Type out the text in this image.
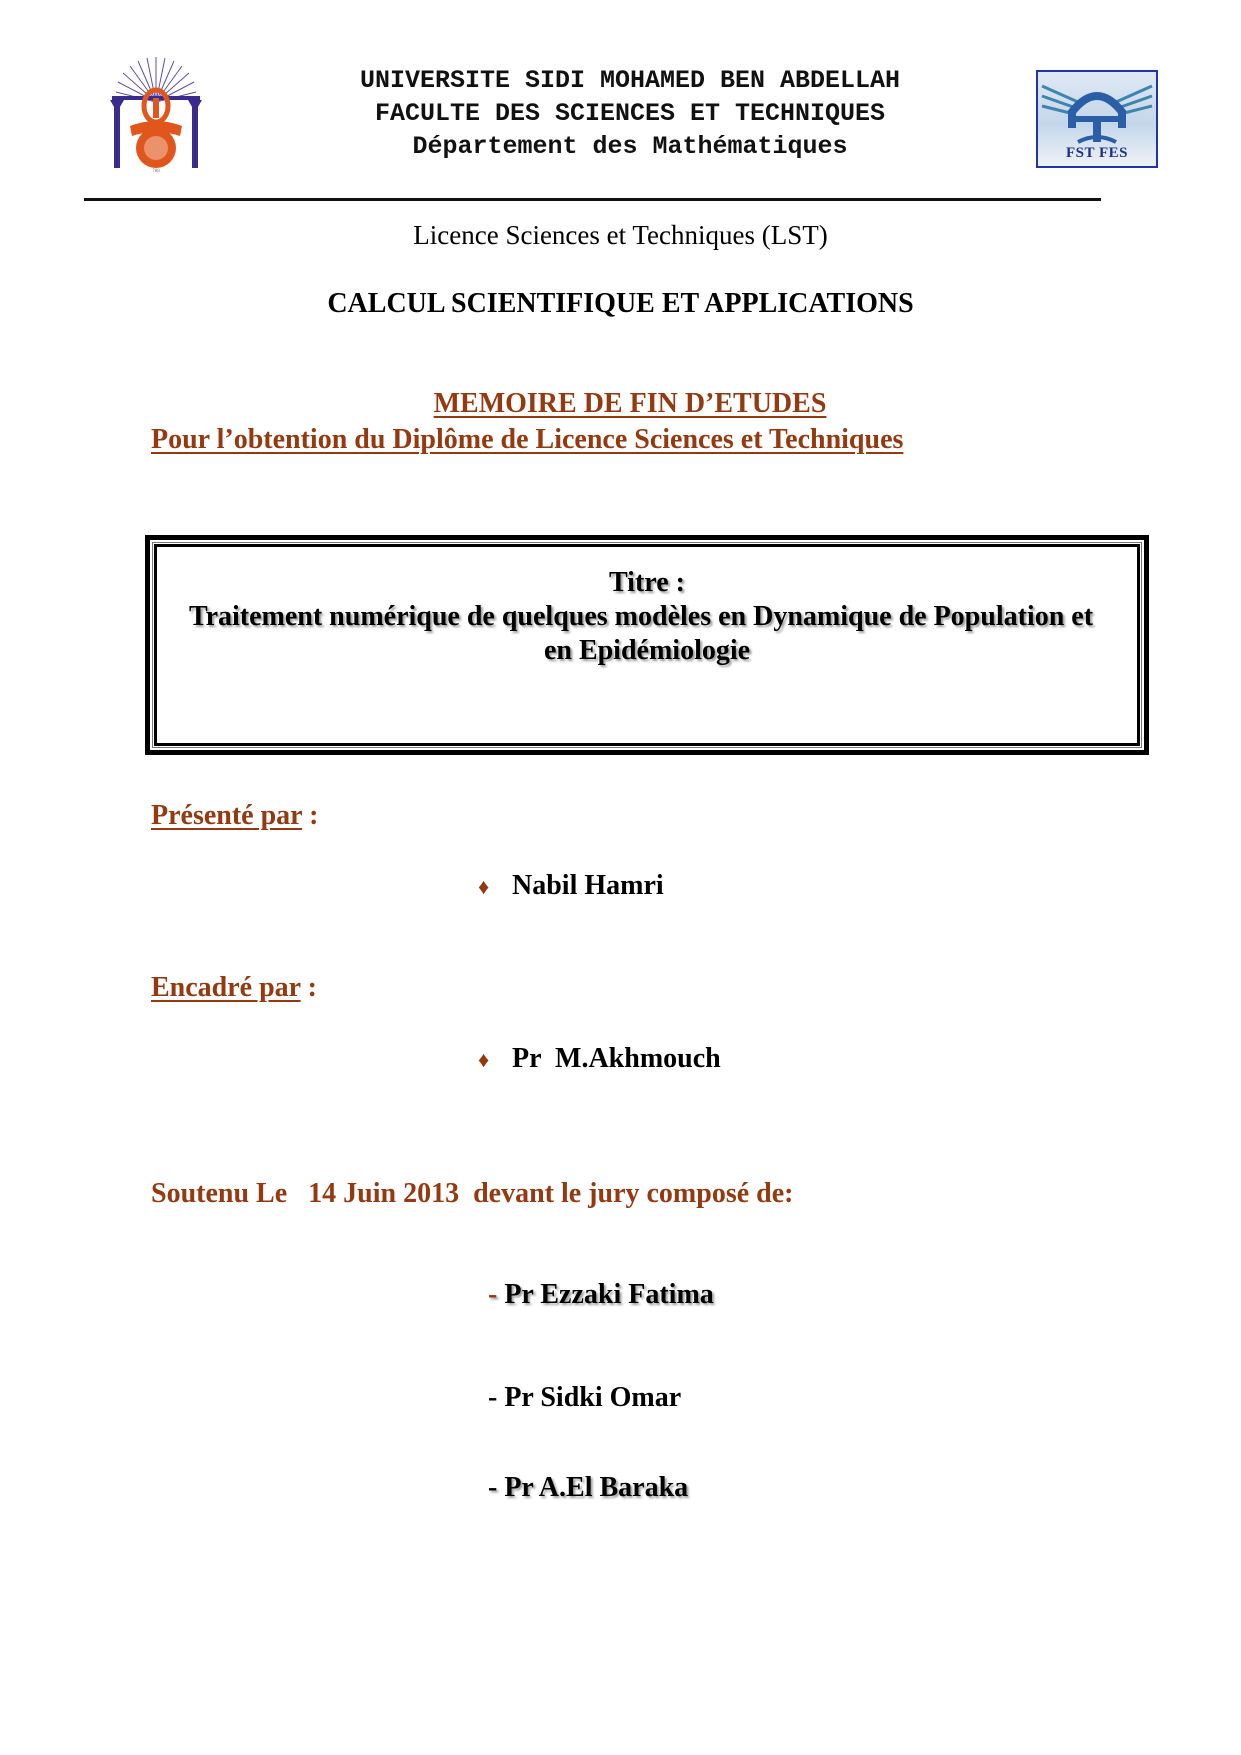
788
UNIVERSITE SIDI MOHAMED BEN ABDELLAH
FACULTE DES SCIENCES ET TECHNIQUES
Département des Mathématiques	FST FES
Licence Sciences et Techniques (LST)
CALCUL SCIENTIFIQUE ET APPLICATIONS
MEMOIRE DE FIN D’ETUDES
Pour l’obtention du Diplôme de Licence Sciences et Techniques
Titre :
Traitement numérique de quelques modèles en Dynamique de Population et
en Epidémiologie
Présenté par :
♦ Nabil Hamri
Encadré par :
♦ Pr  M.Akhmouch
Soutenu Le   14 Juin 2013  devant le jury composé de:

- Pr Ezzaki Fatima

- Pr Sidki Omar

- Pr A.El Baraka
